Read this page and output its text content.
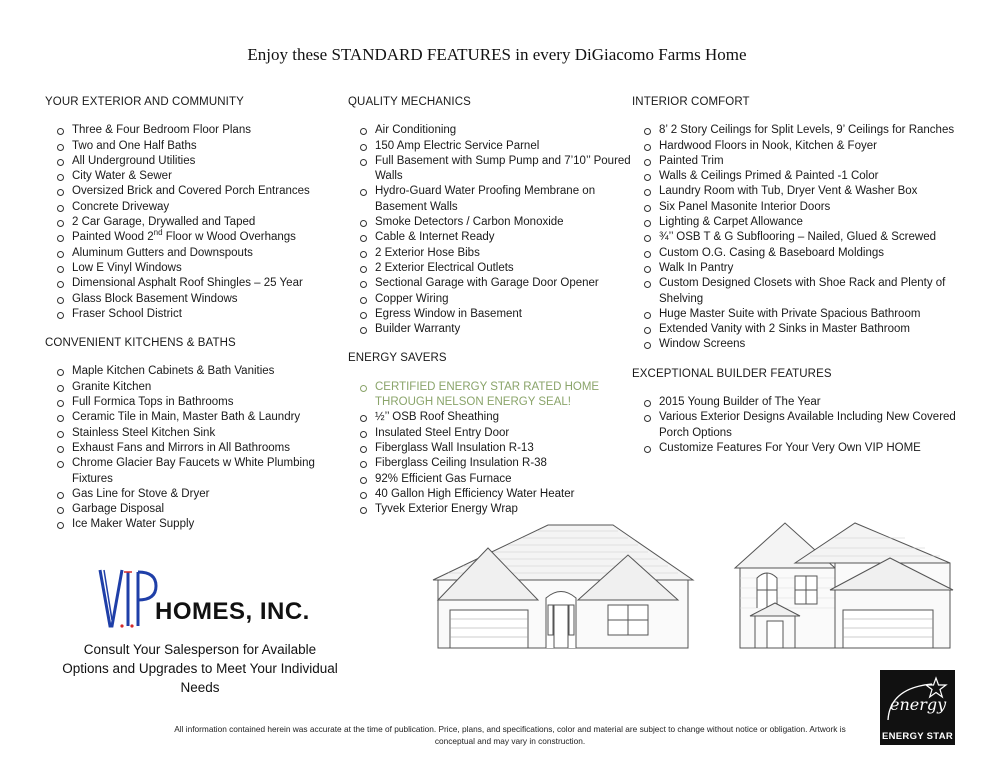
Enjoy these STANDARD FEATURES in every DiGiacomo Farms Home
YOUR EXTERIOR AND COMMUNITY
Three & Four Bedroom Floor Plans
Two and One Half Baths
All Underground Utilities
City Water & Sewer
Oversized Brick and Covered Porch Entrances
Concrete Driveway
2 Car Garage, Drywalled and Taped
Painted Wood 2nd Floor w Wood Overhangs
Aluminum Gutters and Downspouts
Low E Vinyl Windows
Dimensional Asphalt Roof Shingles – 25 Year
Glass Block Basement Windows
Fraser School District
CONVENIENT KITCHENS & BATHS
Maple Kitchen Cabinets & Bath Vanities
Granite Kitchen
Full Formica Tops in Bathrooms
Ceramic Tile in Main, Master Bath & Laundry
Stainless Steel Kitchen Sink
Exhaust Fans and Mirrors in All Bathrooms
Chrome Glacier Bay Faucets w White Plumbing Fixtures
Gas Line for Stove & Dryer
Garbage Disposal
Ice Maker Water Supply
QUALITY MECHANICS
Air Conditioning
150 Amp Electric Service Parnel
Full Basement with Sump Pump and 7’10’’ Poured Walls
Hydro-Guard Water Proofing Membrane on Basement Walls
Smoke Detectors / Carbon Monoxide
Cable & Internet Ready
2 Exterior Hose Bibs
2 Exterior Electrical Outlets
Sectional Garage with Garage Door Opener
Copper Wiring
Egress Window in Basement
Builder Warranty
ENERGY SAVERS
CERTIFIED ENERGY STAR RATED HOME THROUGH NELSON ENERGY SEAL!
½’’ OSB Roof Sheathing
Insulated Steel Entry Door
Fiberglass Wall Insulation R-13
Fiberglass Ceiling Insulation R-38
92% Efficient Gas Furnace
40 Gallon High Efficiency Water Heater
Tyvek Exterior Energy Wrap
INTERIOR COMFORT
8’ 2 Story Ceilings for Split Levels, 9’ Ceilings for Ranches
Hardwood Floors in Nook, Kitchen & Foyer
Painted Trim
Walls & Ceilings Primed & Painted -1 Color
Laundry Room with Tub, Dryer Vent & Washer Box
Six Panel Masonite Interior Doors
Lighting & Carpet Allowance
¾’’ OSB T & G Subflooring – Nailed, Glued & Screwed
Custom O.G. Casing & Baseboard Moldings
Walk In Pantry
Custom Designed Closets with Shoe Rack and Plenty of Shelving
Huge Master Suite with Private Spacious Bathroom
Extended Vanity with 2 Sinks in Master Bathroom
Window Screens
EXCEPTIONAL BUILDER FEATURES
2015 Young Builder of The Year
Various Exterior Designs Available Including New Covered Porch Options
Customize Features For Your Very Own VIP HOME
HOMES, INC.
Consult Your Salesperson for Available Options and Upgrades to Meet Your Individual Needs
energy
ENERGY STAR
All information contained herein was accurate at the time of publication. Price, plans, and specifications, color and material are subject to change without notice or obligation. Artwork is conceptual and may vary in construction.
